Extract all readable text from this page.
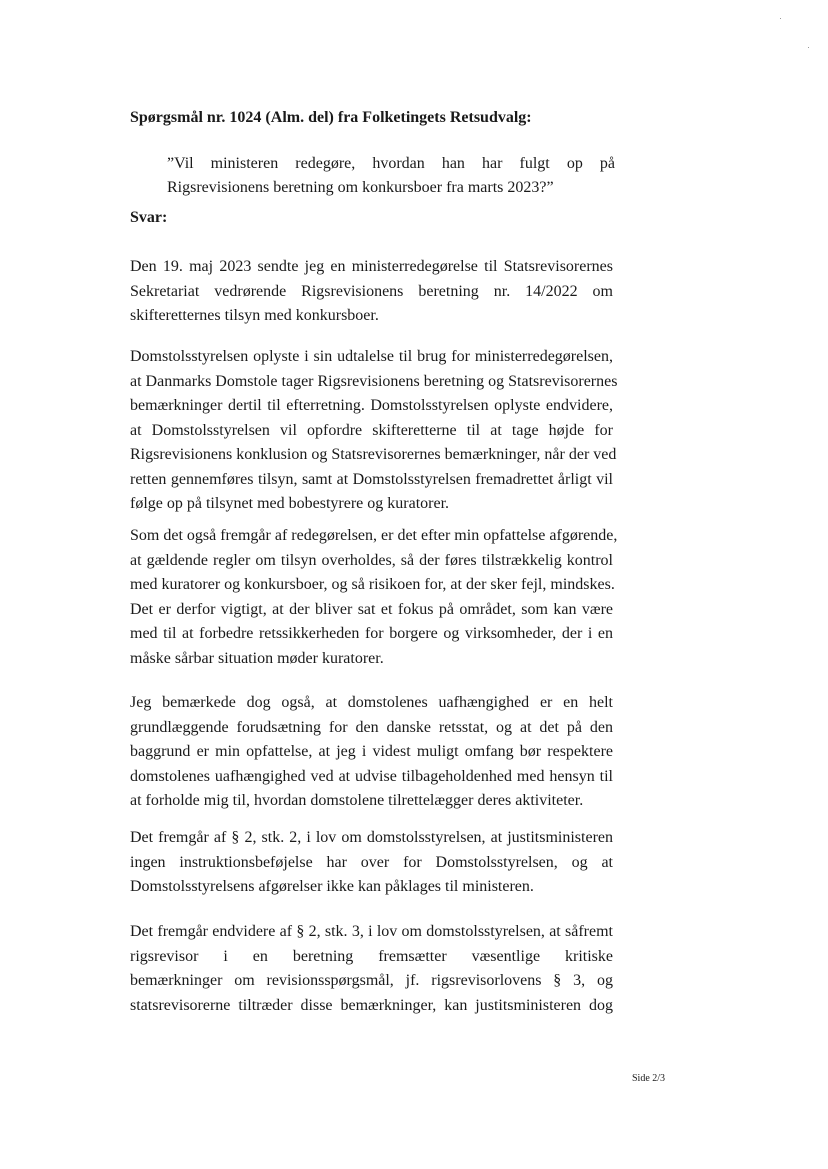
Spørgsmål nr. 1024 (Alm. del) fra Folketingets Retsudvalg:
”Vil ministeren redegøre, hvordan han har fulgt op på
Rigsrevisionens beretning om konkursboer fra marts 2023?”
Svar:
Den 19. maj 2023 sendte jeg en ministerredegørelse til Statsrevisorernes
Sekretariat vedrørende Rigsrevisionens beretning nr. 14/2022 om
skifteretternes tilsyn med konkursboer.
Domstolsstyrelsen oplyste i sin udtalelse til brug for ministerredegørelsen,
at Danmarks Domstole tager Rigsrevisionens beretning og Statsrevisorernes
bemærkninger dertil til efterretning. Domstolsstyrelsen oplyste endvidere,
at Domstolsstyrelsen vil opfordre skifteretterne til at tage højde for
Rigsrevisionens konklusion og Statsrevisorernes bemærkninger, når der ved
retten gennemføres tilsyn, samt at Domstolsstyrelsen fremadrettet årligt vil
følge op på tilsynet med bobestyrere og kuratorer.
Som det også fremgår af redegørelsen, er det efter min opfattelse afgørende,
at gældende regler om tilsyn overholdes, så der føres tilstrækkelig kontrol
med kuratorer og konkursboer, og så risikoen for, at der sker fejl, mindskes.
Det er derfor vigtigt, at der bliver sat et fokus på området, som kan være
med til at forbedre retssikkerheden for borgere og virksomheder, der i en
måske sårbar situation møder kuratorer.
Jeg bemærkede dog også, at domstolenes uafhængighed er en helt
grundlæggende forudsætning for den danske retsstat, og at det på den
baggrund er min opfattelse, at jeg i videst muligt omfang bør respektere
domstolenes uafhængighed ved at udvise tilbageholdenhed med hensyn til
at forholde mig til, hvordan domstolene tilrettelægger deres aktiviteter.
Det fremgår af § 2, stk. 2, i lov om domstolsstyrelsen, at justitsministeren
ingen instruktionsbeføjelse har over for Domstolsstyrelsen, og at
Domstolsstyrelsens afgørelser ikke kan påklages til ministeren.
Det fremgår endvidere af § 2, stk. 3, i lov om domstolsstyrelsen, at såfremt
rigsrevisor i en beretning fremsætter væsentlige kritiske
bemærkninger om revisionsspørgsmål, jf. rigsrevisorlovens § 3, og
statsrevisorerne tiltræder disse bemærkninger, kan justitsministeren dog
Side 2/3
